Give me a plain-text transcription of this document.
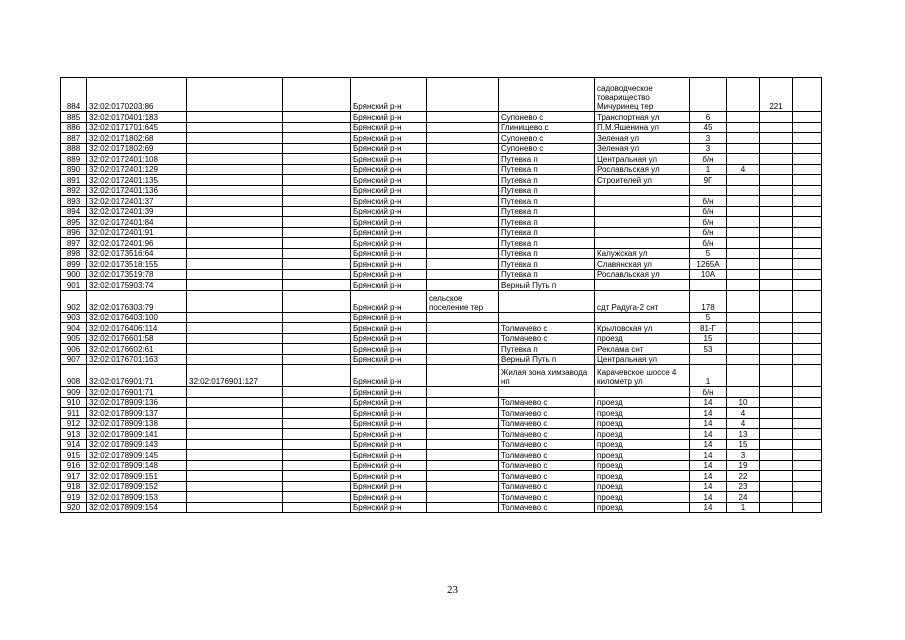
884	32:02:0170203:86			Брянский р-н			садоводческое товарищество Мичуринец тер			221	
885	32:02:0170401:183			Брянский р-н		Супонево с	Транспортная ул	6			
886	32:02:0171701:645			Брянский р-н		Глинищево с	П.М.Яшенина ул	45			
887	32:02:0171802:68			Брянский р-н		Супонево с	Зеленая ул	3			
888	32:02:0171802:69			Брянский р-н		Супонево с	Зеленая ул	3			
889	32:02:0172401:108			Брянский р-н		Путевка п	Центральная ул	б/н			
890	32:02:0172401:129			Брянский р-н		Путевка п	Рославльская ул	1	4		
891	32:02:0172401:135			Брянский р-н		Путевка п	Строителей ул	9Г			
892	32:02:0172401:136			Брянский р-н		Путевка п					
893	32:02:0172401:37			Брянский р-н		Путевка п		б/н			
894	32:02:0172401:39			Брянский р-н		Путевка п		б/н			
895	32:02:0172401:84			Брянский р-н		Путевка п		б/н			
896	32:02:0172401:91			Брянский р-н		Путевка п		б/н			
897	32:02:0172401:96			Брянский р-н		Путевка п		б/н			
898	32:02:0173516:64			Брянский р-н		Путевка п	Калужская ул	5			
899	32:02:0173518:155			Брянский р-н		Путевка п	Славянская ул	1265А			
900	32:02:0173519:78			Брянский р-н		Путевка п	Рославльская ул	10А			
901	32:02:0175903:74			Брянский р-н		Верный Путь п					
902	32:02:0176303:79			Брянский р-н	сельское поселение тер		сдт Радуга-2 снт	178			
903	32:02:0176403:100			Брянский р-н				5			
904	32:02:0176406:114			Брянский р-н		Толмачево с	Крыловская ул	81-Г			
905	32:02:0176601:58			Брянский р-н		Толмачево с	проезд	15			
906	32:02:0176602:61			Брянский р-н		Путевка п	Реклама снт	53			
907	32:02:0176701:163			Брянский р-н		Верный Путь п	Центральная ул				
908	32:02:0176901:71	32:02:0176901:127		Брянский р-н		Жилая зона химзавода нп	Карачевское шоссе 4 километр ул	1			
909	32:02:0176901:71			Брянский р-н				б/н			
910	32:02:0178909:136			Брянский р-н		Толмачево с	проезд	14	10		
911	32:02:0178909:137			Брянский р-н		Толмачево с	проезд	14	4		
912	32:02:0178909:138			Брянский р-н		Толмачево с	проезд	14	4		
913	32:02:0178909:141			Брянский р-н		Толмачево с	проезд	14	13		
914	32:02:0178909:143			Брянский р-н		Толмачево с	проезд	14	15		
915	32:02:0178909:145			Брянский р-н		Толмачево с	проезд	14	3		
916	32:02:0178909:148			Брянский р-н		Толмачево с	проезд	14	19		
917	32:02:0178909:151			Брянский р-н		Толмачево с	проезд	14	22		
918	32:02:0178909:152			Брянский р-н		Толмачево с	проезд	14	23		
919	32:02:0178909:153			Брянский р-н		Толмачево с	проезд	14	24		
920	32:02:0178909:154			Брянский р-н		Толмачево с	проезд	14	1		
23
